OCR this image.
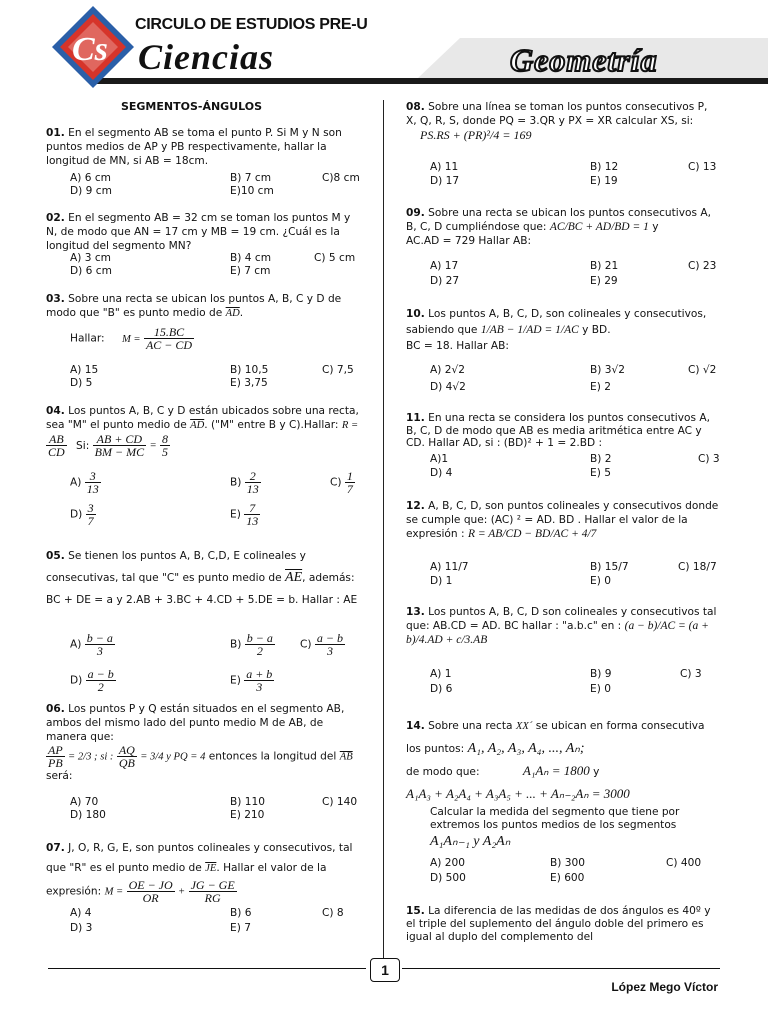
Cs
CIRCULO DE ESTUDIOS PRE-U
Ciencias	Geometría
SEGMENTOS-ÁNGULOS
01. En el segmento AB se toma el punto P. Si M y N son puntos medios de AP y PB respectivamente, hallar la longitud de MN, si AB = 18cm.
A) 6 cm	B) 7 cm	C)8 cm
D) 9 cm	E)10 cm
02. En el segmento AB = 32 cm se toman los puntos M y N, de modo que AN = 17 cm y MB = 19 cm. ¿Cuál es la longitud del segmento MN?
A) 3 cm	B) 4 cm	C) 5 cm
D) 6 cm	E) 7 cm
03. Sobre una recta se ubican los puntos A, B, C y D de modo que "B" es punto medio de $\overline{AD}$.
Hallar: $M = \frac{15.BC}{AC - CD}$
A) 15	B) 10,5	C) 7,5
D) 5	E) 3,75
04. Los puntos A, B, C y D están ubicados sobre una recta, sea "M" el punto medio de $\overline{AD}$. ("M" entre B y C).Hallar: R =
$\frac{AB}{CD} Si$: $\frac{AB + CD}{BM - MC} = \frac{8}{5}$
$A) \frac{3}{13}$	$B) \frac{2}{13}$	$C) \frac{1}{7}$
$D) \frac{3}{7}$	$E) \frac{7}{13}$
05. Se tienen los puntos A, B, C,D, E colineales y consecutivas, tal que "C" es punto medio de $\overline{AE}$, además: BC + DE = a y 2.AB + 3.BC + 4.CD + 5.DE = b. Hallar : AE
$A) \frac{b - a}{3}$	$B) \frac{b - a}{2} C) \frac{a - b}{3}$
$D) \frac{a - b}{2}$	$E) \frac{a + b}{3}$
06. Los puntos P y Q están situados en el segmento AB, ambos del mismo lado del punto medio M de AB, de manera que:

$\frac{AP}{PB} = 2/3$ ; si : $\frac{AQ}{QB} = 3/4$ y PQ = 4 entonces la longitud del $\overline{AB}$ será:
A) 70	B) 110	C) 140
D) 180	E) 210
07. J, O, R, G, E, son puntos colineales y consecutivos, tal que "R" es el punto medio de $\overline{JE}$. Hallar el valor de la expresión: $M = \frac{OE - JO}{OR} + \frac{JG - GE}{RG}$
A) 4	B) 6	C) 8
D) 3	E) 7
08. Sobre una línea se toman los puntos consecutivos P, X, Q, R, S, donde PQ = 3.QR y PX = XR calcular XS, si: PS.RS + (PR)²/4 = 169
A) 11	B) 12	C) 13
D) 17	E) 19
09. Sobre una recta se ubican los puntos consecutivos A, B, C, D cumpliéndose que: AC/BC + AD/BD = 1 y
AC.AD = 729 Hallar AB:
A) 17	B) 21	C) 23
D) 27	E) 29
10. Los puntos A, B, C, D, son colineales y consecutivos, sabiendo que 1/AB − 1/AD = 1/AC y BD.
BC = 18. Hallar AB:
A) 2√2	B) 3√2	C) √2
D) 4√2	E) 2
11. En una recta se considera los puntos consecutivos A, B, C, D de modo que AB es media aritmética entre AC y CD. Hallar AD, si : (BD)² + 1 = 2.BD :
A)1	B) 2	C) 3
D) 4	E) 5
12. A, B, C, D, son puntos colineales y consecutivos donde se cumple que: (AC) ² = AD. BD . Hallar el valor de la expresión : R = AB/CD − BD/AC + 4/7
A) 11/7	B) 15/7	C) 18/7
D) 1	E) 0
13. Los puntos A, B, C, D son colineales y consecutivos tal que: AB.CD = AD. BC hallar : "a.b.c" en : (a − b)/AC = (a + b)/4.AD + c/3.AB
A) 1	B) 9	C) 3
D) 6	E) 0
14. Sobre una recta XX´ se ubican en forma consecutiva los puntos: A₁, A₂, A₃, A₄, ..., Aₙ;
de modo que:	A₁Aₙ = 1800 y
A₁A₃ + A₂A₄ + A₃A₅ + ... + Aₙ₋₂Aₙ = 3000
Calcular la medida del segmento que tiene por extremos los puntos medios de los segmentos
A₁Aₙ₋₁ y A₂Aₙ
A) 200	B) 300	C) 400
D) 500	E) 600
15. La diferencia de las medidas de dos ángulos es 40º y el triple del suplemento del ángulo doble del primero es igual al duplo del complemento del
1
López Mego Víctor
